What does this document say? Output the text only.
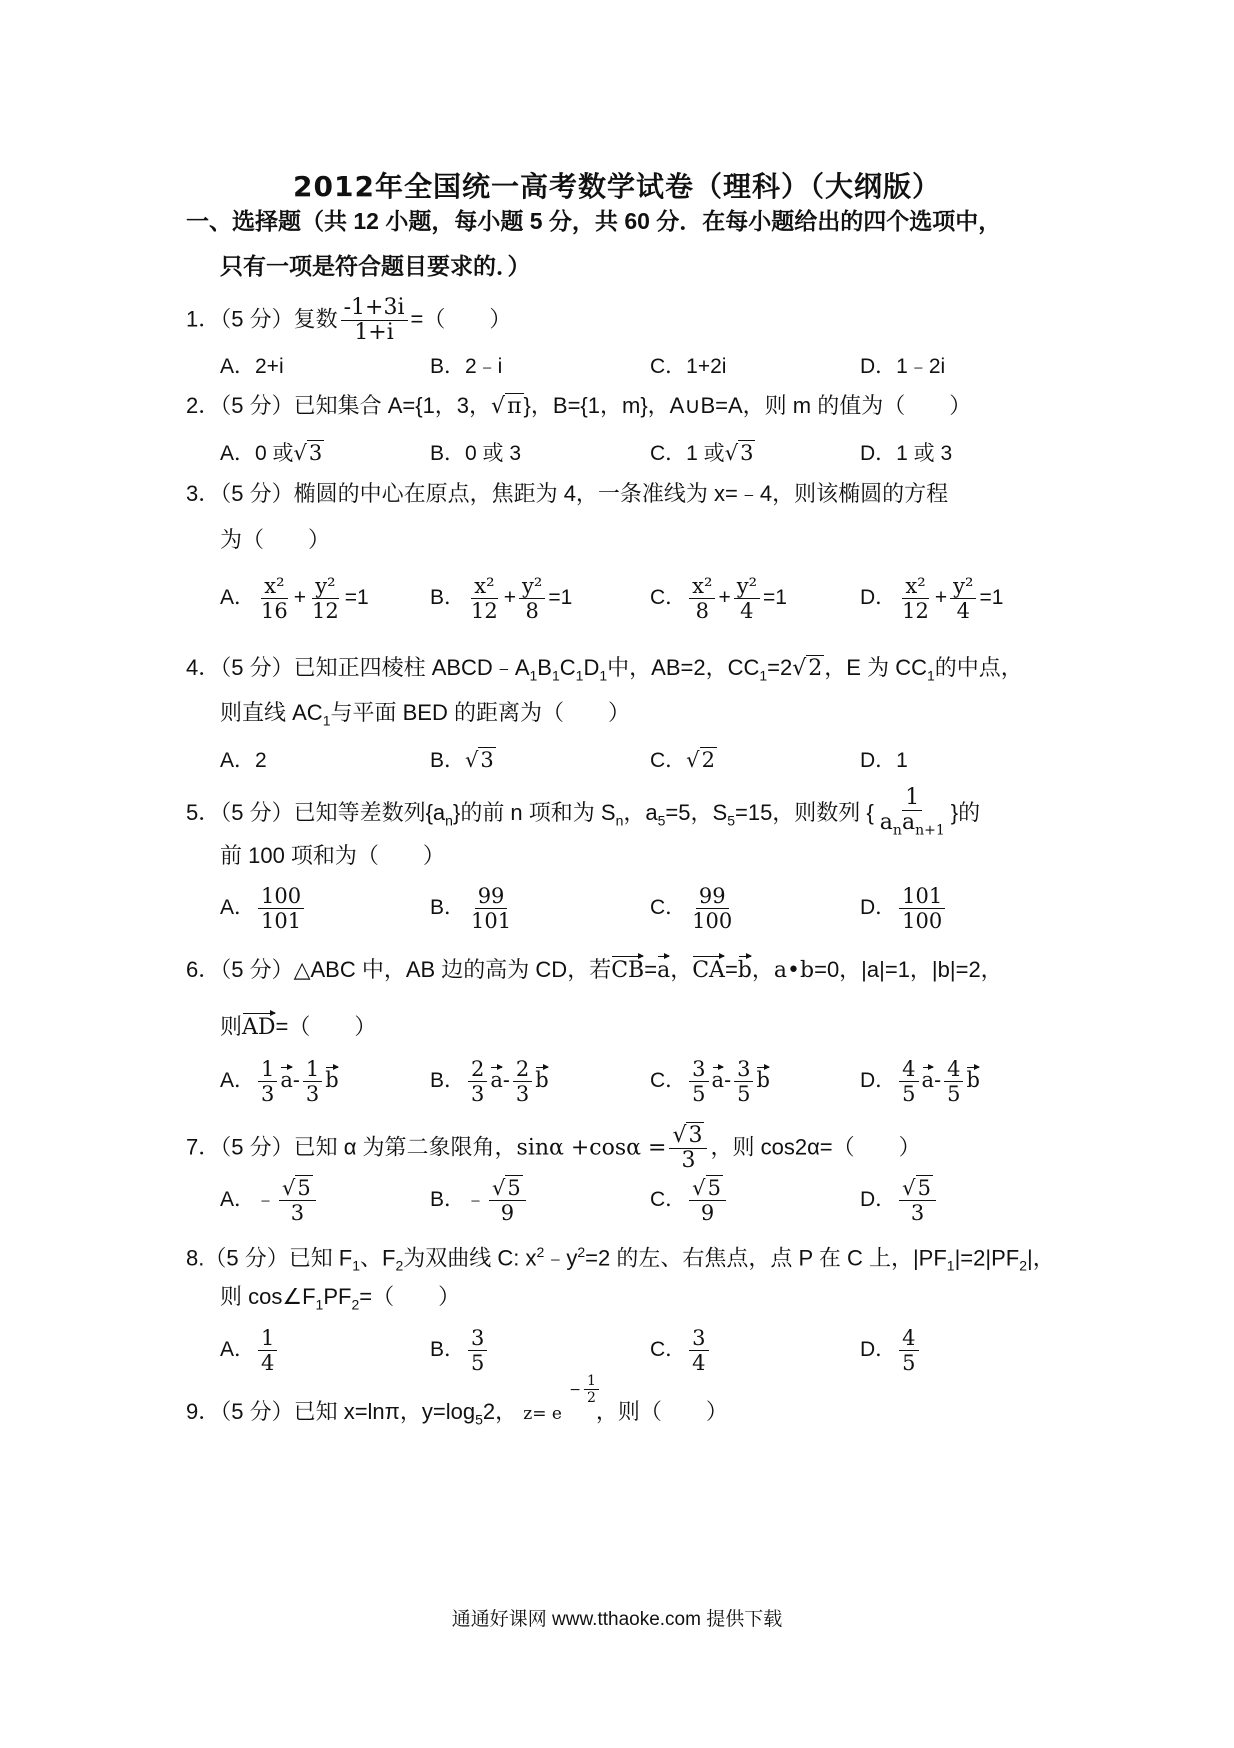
2012年全国统一高考数学试卷（理科）（大纲版）
一、选择题（共 12 小题，每小题 5 分，共 60 分．在每小题给出的四个选项中，
只有一项是符合题目要求的．）
1．（5 分）复数 $\frac{-1+3i}{1+i}$ =（　　）
A．2+i	B．2﹣i	C．1+2i	D．1﹣2i
2．（5 分）已知集合 A={1，3，√π}，B={1，m}，A∪B=A，则 m 的值为（　　）
A．0 或√3	B．0 或 3	C．1 或√3	D．1 或 3
3．（5 分）椭圆的中心在原点，焦距为 4，一条准线为 x=﹣4，则该椭圆的方程
为（　　）
A． $\frac{\text{x²}}{16} + \frac{\text{y²}}{12} =1$	B． $\frac{\text{x²}}{12} + \frac{\text{y²}}{8} =1$	C． $\frac{\text{x²}}{8} + \frac{\text{y²}}{4} =1$	D． $\frac{\text{x²}}{12} + \frac{\text{y²}}{4} =1$
4．（5 分）已知正四棱柱 $ABCD﹣A_1B_1C_1D_1$中，AB=2，$CC_1=2√2$，E 为 $CC_1$的中点，
则直线 $AC_1$与平面 BED 的距离为（　　）
A．2	B．√3	C．√2	D．1
5．（5 分）已知等差数列$\{a_n\}$的前 n 项和为 $S_n$，$a_5=5$，$S_5=15$，则数列 { $\frac{1}{a_na_{n+1}}$ }的
前 100 项和为（　　）
A． $\frac{100}{101}$	B． $\frac{99}{101}$	C． $\frac{99}{100}$	D． $\frac{101}{100}$
6．（5 分）△ABC 中，AB 边的高为 CD，若CB=a，CA=b，a•b=0，|a|=1，|b|=2，
则AD=（　　）
A． $\frac{1}{3} a- \frac{1}{3}$ b	B． $\frac{2}{3} a- \frac{2}{3}$ b	C． $\frac{3}{5} a- \frac{3}{5}$ b	D． $\frac{4}{5} a- \frac{4}{5}$ b
7．（5 分）已知 α 为第二象限角，$\sin\alpha +\cos\alpha = \frac{√3}{3}$ ，则 cos2α=（　　）
A．﹣ $\frac{√5}{3}$	B．﹣ $\frac{√5}{9}$	C． $\frac{√5}{9}$	D． $\frac{√5}{3}$
8.（5 分）已知 $F_1$、$F_2$为双曲线 C: $x^2﹣y^2=2$ 的左、右焦点，点 P 在 C 上，$|PF_1|=2|PF_2|$，
则 $\cos\angle F_1PF_2=$（　　）
A． $\frac{1}{4}$	B． $\frac{3}{5}$	C． $\frac{3}{4}$	D． $\frac{4}{5}$
9．（5 分）已知 x=lnπ，$y=\log_52$， z= e
− $\frac{1}{2}$
，则（　　）
通通好课网 www.tthaoke.com 提供下载
